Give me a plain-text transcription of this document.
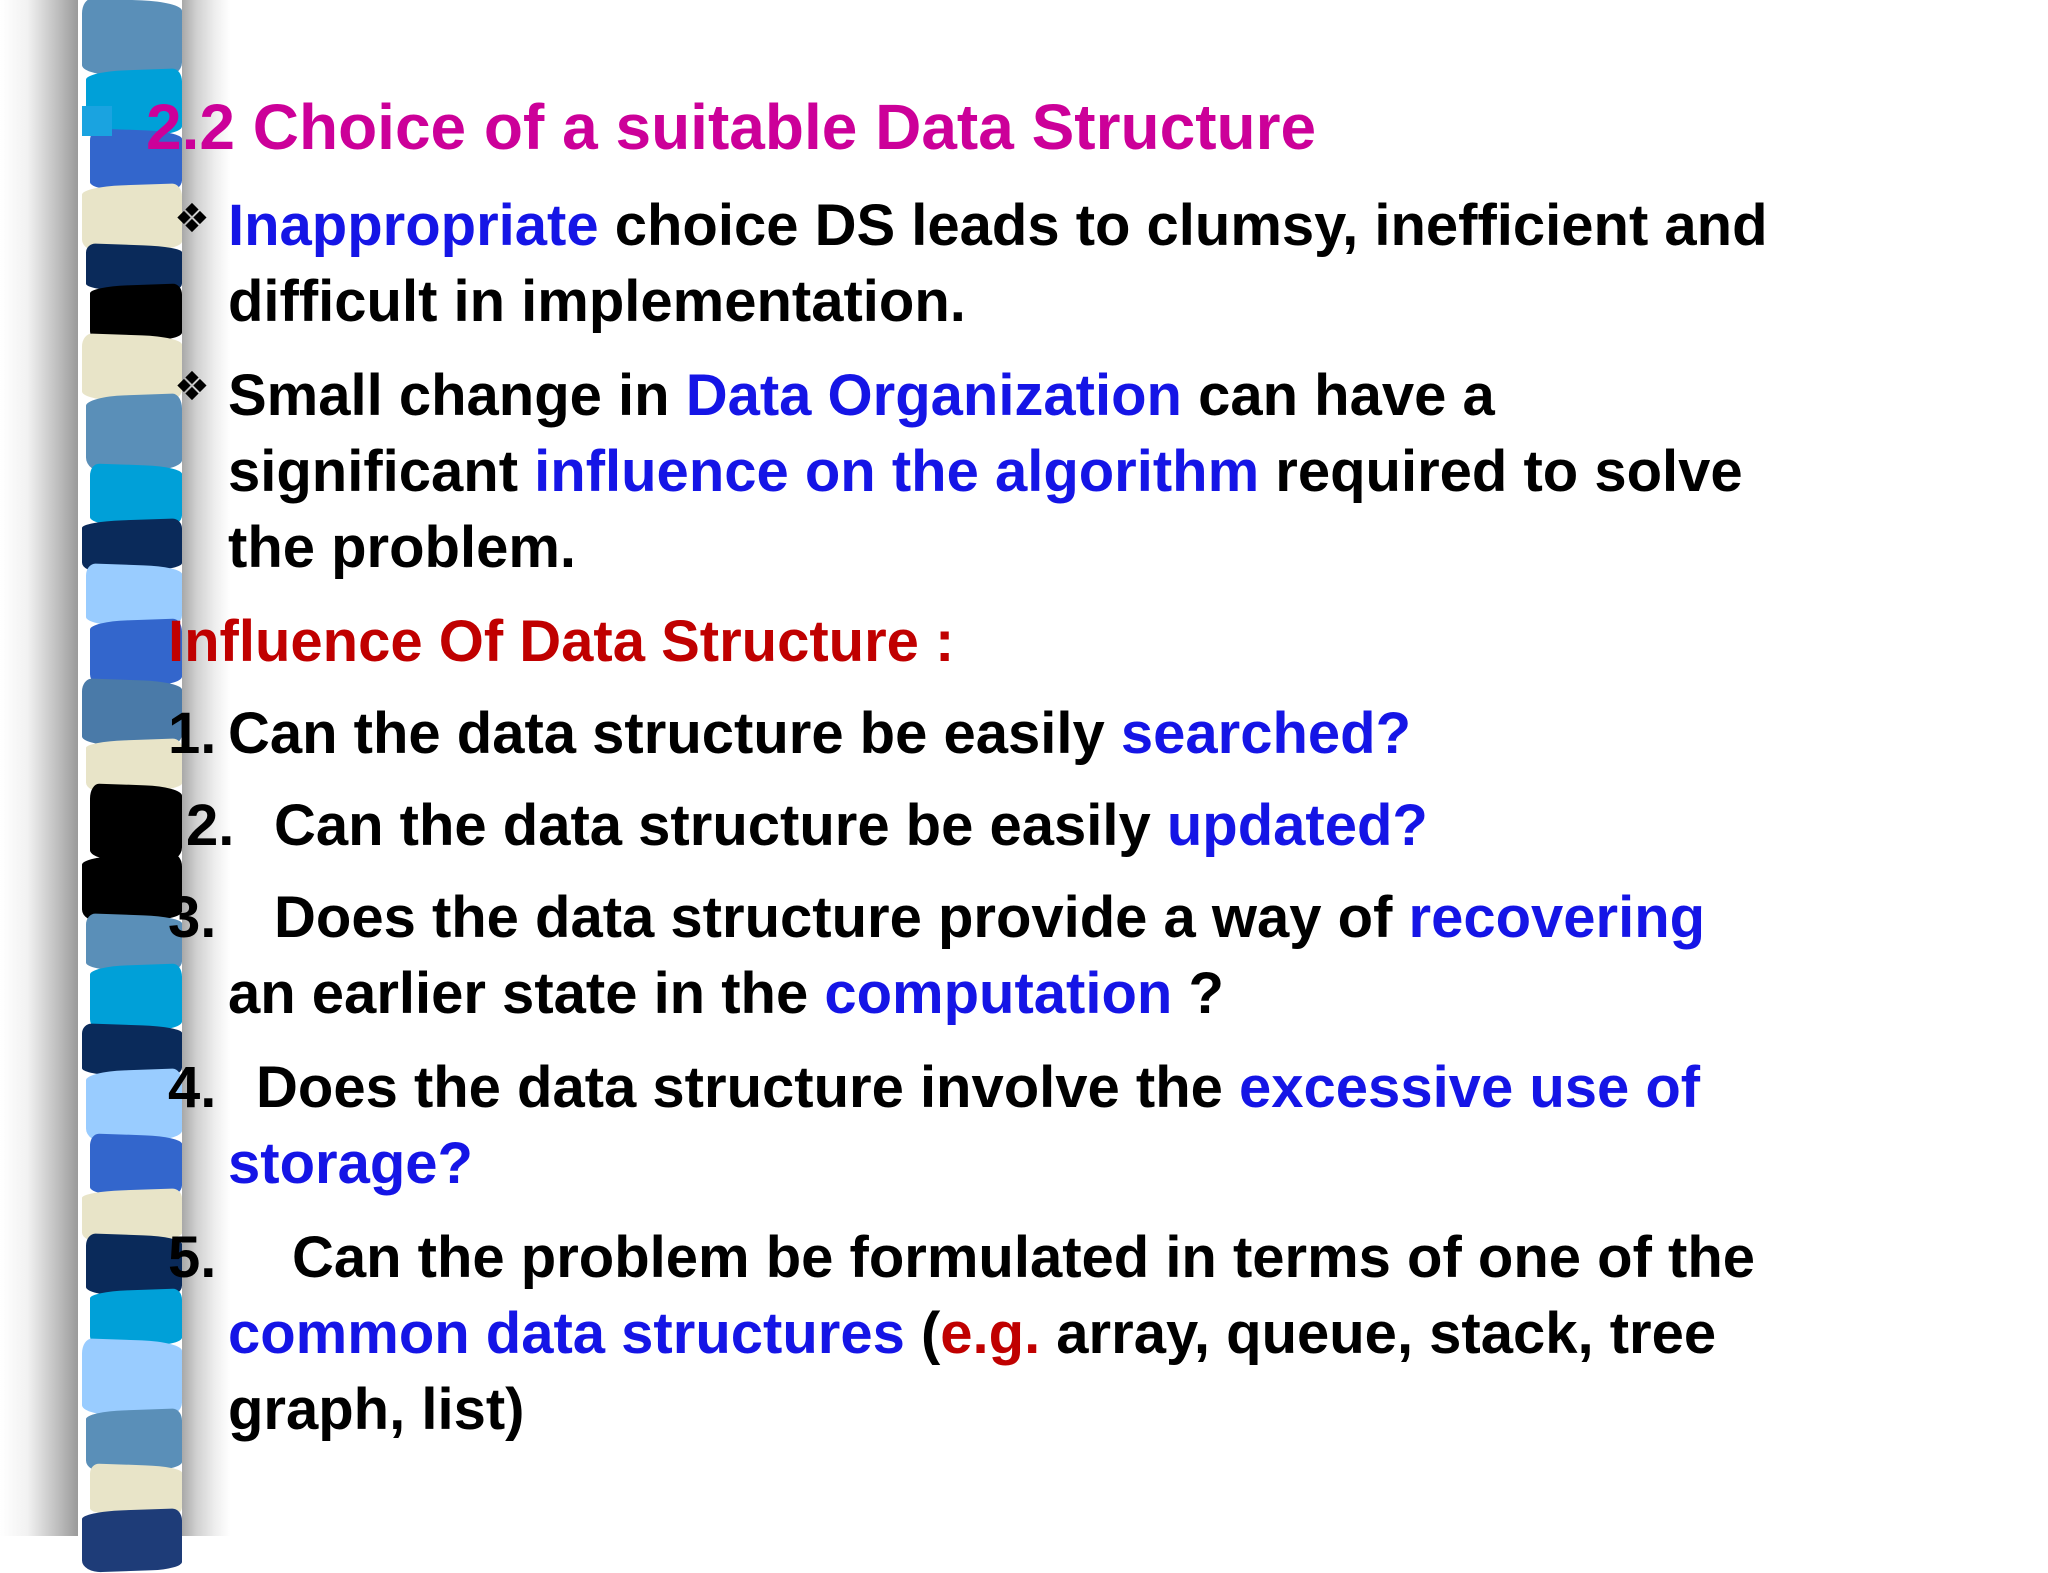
2.2 Choice of a suitable Data Structure
❖ Inappropriate choice DS leads to clumsy, inefficient and
difficult in implementation.
❖ Small change in Data Organization can have a
significant influence on the algorithm required to solve
the problem.
Influence Of Data Structure :
1. Can the data structure be easily searched?
2. Can the data structure be easily updated?
3. Does the data structure provide a way of recovering
an earlier state in the computation ?
4. Does the data structure involve the excessive use of
storage?
5. Can the problem be formulated in terms of one of the
common data structures (e.g. array, queue, stack, tree
graph, list)
